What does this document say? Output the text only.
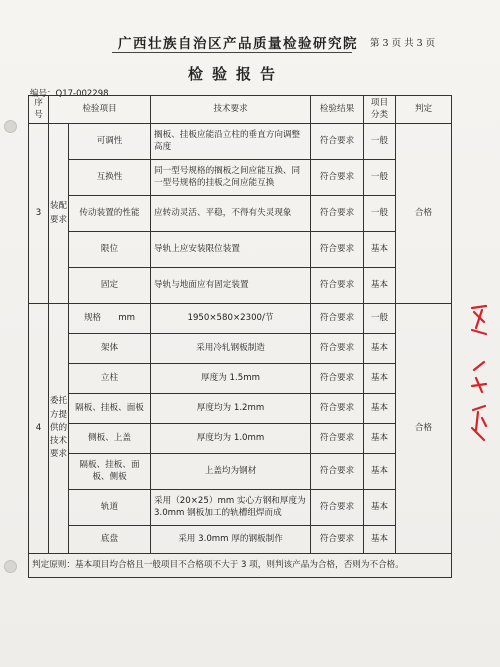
广西壮族自治区产品质量检验研究院 第 3 页 共 3 页
检验报告
编号：Q17-002298
序号	检验项目		技术要求	检验结果	项目分类	判定
3	装配要求	可调性	搁板、挂板应能沿立柱的垂直方向调整高度	符合要求	一般	合格
		互换性	同一型号规格的搁板之间应能互换、同一型号规格的挂板之间应能互换	符合要求	一般	
		传动装置的性能	应转动灵活、平稳，不得有失灵现象	符合要求	一般	
		限位	导轨上应安装限位装置	符合要求	基本	
		固定	导轨与地面应有固定装置	符合要求	基本	
4	委托方提供的技术要求	规格　　mm	1950×580×2300/节	符合要求	一般	合格
		架体	采用冷轧钢板制造	符合要求	基本	
		立柱	厚度为 1.5mm	符合要求	基本	
		隔板、挂板、面板	厚度均为 1.2mm	符合要求	基本	
		侧板、上盖	厚度均为 1.0mm	符合要求	基本	
		隔板、挂板、面板、侧板	上盖均为钢材	符合要求	基本	
		轨道	采用（20×25）mm 实心方钢和厚度为3.0mm 钢板加工的轨槽组焊而成	符合要求	基本	
		底盘	采用 3.0mm 厚的钢板制作	符合要求	基本	
判定原则：基本项目均合格且一般项目不合格项不大于 3 项，则判该产品为合格，否则为不合格。						
